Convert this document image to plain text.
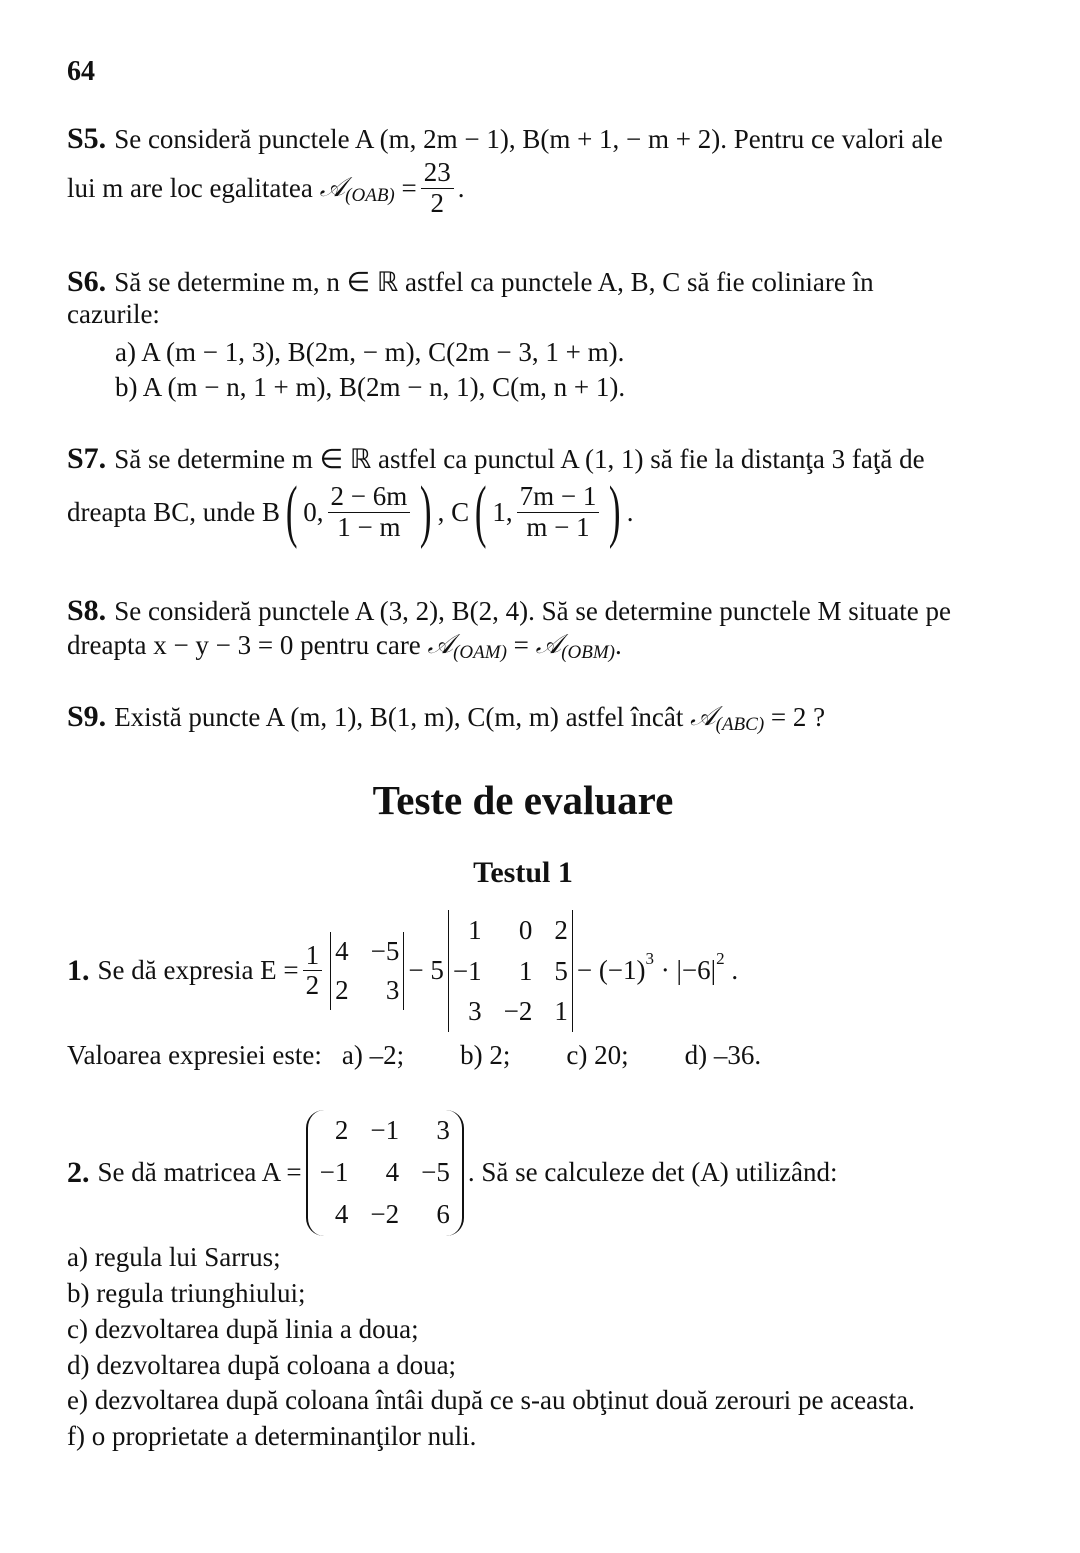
64
S5. Se consideră punctele A (m, 2m − 1), B(m + 1, − m + 2). Pentru ce valori ale
lui m are loc egalitatea
𝒜 (OAB)
= $\frac{23}{2}$ .
S6. Să se determine m, n ∈ ℝ astfel ca punctele A, B, C să fie coliniare în
cazurile:
a) A (m − 1, 3), B(2m, − m), C(2m − 3, 1 + m).
b) A (m − n, 1 + m), B(2m − n, 1), C(m, n + 1).
S7. Să se determine m ∈ ℝ astfel ca punctul A (1, 1) să fie la distanţa 3 faţă de
dreapta BC, unde B ( 0, $\frac{2 - 6m}{1 - m}$ ) , C ( 1, $\frac{7m - 1}{m - 1}$ ) .
S8. Se consideră punctele A (3, 2), B(2, 4). Să se determine punctele M situate pe
dreapta x − y − 3 = 0 pentru care
𝒜 (OAM)
=
𝒜 (OBM) .
S9. Există puncte A (m, 1), B(1, m), C(m, m) astfel încât
𝒜 (ABC)
= 2 ?
Teste de evaluare
Testul 1
1. Se dă expresia $E = \frac{1}{2} 4 -5$
2	3
− 5
1	0 2
−1	1 5
3 −2 1
− (−1) 3
· |−6| 2
.
Valoarea expresiei este: a) –2; b) 2; c) 20; d) –36.
2. Se dă matricea A =
2 −1	3
−1	4 −5
4 −2	6
. Să se calculeze det (A) utilizând:
a) regula lui Sarrus;
b) regula triunghiului;
c) dezvoltarea după linia a doua;
d) dezvoltarea după coloana a doua;
e) dezvoltarea după coloana întâi după ce s-au obţinut două zerouri pe aceasta.
f) o proprietate a determinanţilor nuli.
